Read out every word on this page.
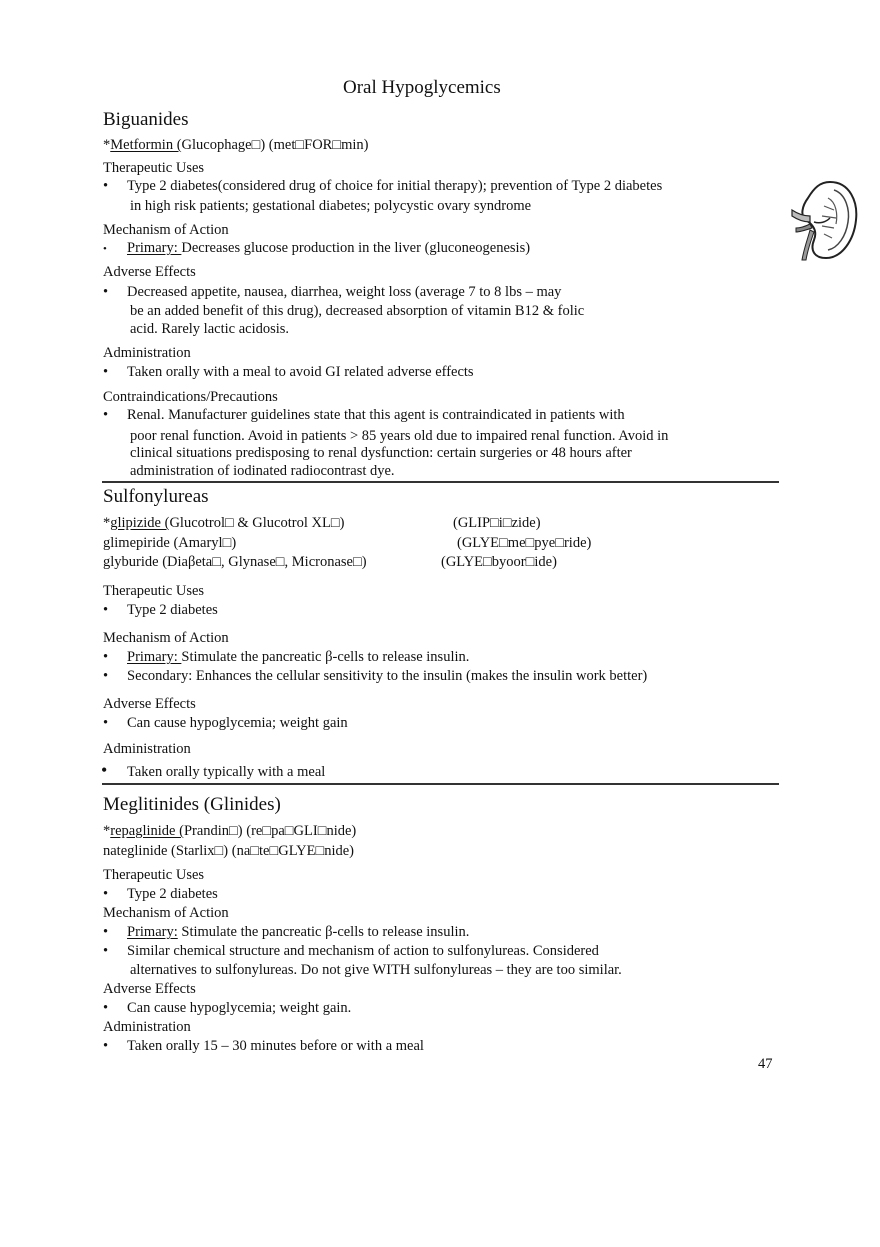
Oral Hypoglycemics
Biguanides
*Metformin (Glucophage□) (met□FOR□min)
Therapeutic Uses
• Type 2 diabetes(considered drug of choice for initial therapy); prevention of Type 2 diabetes
in high risk patients; gestational diabetes; polycystic ovary syndrome
Mechanism of Action
• Primary: Decreases glucose production in the liver (gluconeogenesis)
Adverse Effects
• Decreased appetite, nausea, diarrhea, weight loss (average 7 to 8 lbs – may
be an added benefit of this drug), decreased absorption of vitamin B12 & folic
acid. Rarely lactic acidosis.
Administration
• Taken orally with a meal to avoid GI related adverse effects
Contraindications/Precautions
• Renal. Manufacturer guidelines state that this agent is contraindicated in patients with
poor renal function. Avoid in patients > 85 years old due to impaired renal function. Avoid in
clinical situations predisposing to renal dysfunction: certain surgeries or 48 hours after
administration of iodinated radiocontrast dye.
Sulfonylureas
*glipizide (Glucotrol□ & Glucotrol XL□)	(GLIP□i□zide)
glimepiride (Amaryl□)	(GLYE□me□pye□ride)
glyburide (Diaβeta□, Glynase□, Micronase□)	(GLYE□byoor□ide)
Therapeutic Uses
• Type 2 diabetes
Mechanism of Action
• Primary: Stimulate the pancreatic β-cells to release insulin.
• Secondary: Enhances the cellular sensitivity to the insulin (makes the insulin work better)
Adverse Effects
• Can cause hypoglycemia; weight gain
Administration
• Taken orally typically with a meal
Meglitinides (Glinides)
*repaglinide (Prandin□) (re□pa□GLI□nide)
nateglinide (Starlix□) (na□te□GLYE□nide)
Therapeutic Uses
• Type 2 diabetes
Mechanism of Action
• Primary: Stimulate the pancreatic β-cells to release insulin.
• Similar chemical structure and mechanism of action to sulfonylureas. Considered
alternatives to sulfonylureas. Do not give WITH sulfonylureas – they are too similar.
Adverse Effects
• Can cause hypoglycemia; weight gain.
Administration
• Taken orally 15 – 30 minutes before or with a meal
47
